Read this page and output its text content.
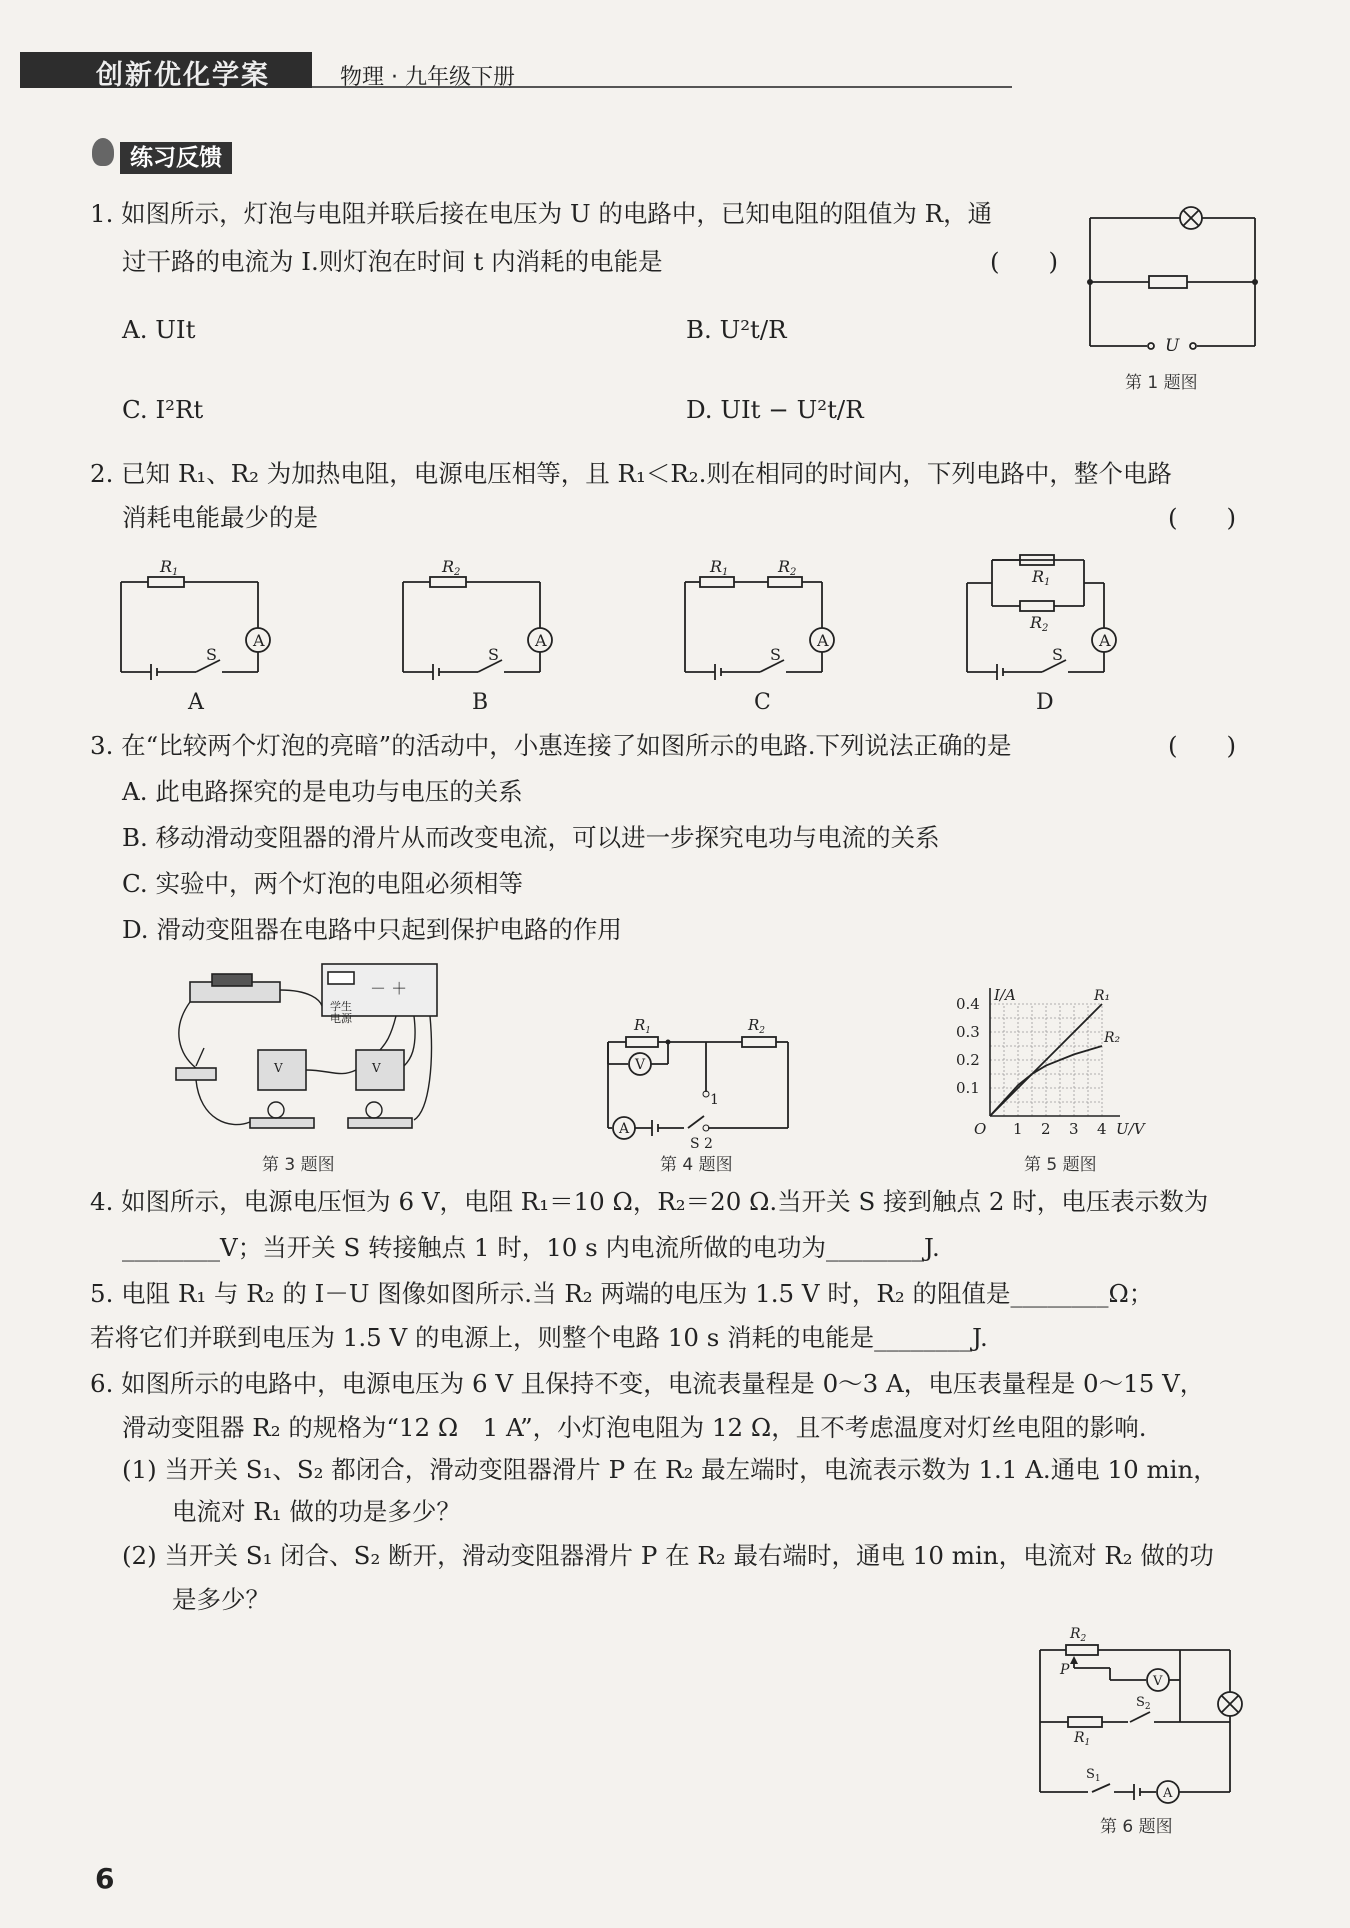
创新优化学案	物理 · 九年级下册
练习反馈
1. 如图所示，灯泡与电阻并联后接在电压为 U 的电路中，已知电阻的阻值为 R，通
过干路的电流为 I.则灯泡在时间 t 内消耗的电能是	(　　)
A. UIt	B. U²t/R
C. I²Rt	D. UIt − U²t/R
U
第 1 题图
2. 已知 R₁、R₂ 为加热电阻，电源电压相等，且 R₁＜R₂.则在相同的时间内，下列电路中，整个电路
消耗电能最少的是	(　　)
A
R1
S
A
R2
S
A
R1	R2
S
A
R1
R2
S
A	B	C	D
3. 在“比较两个灯泡的亮暗”的活动中，小惠连接了如图所示的电路.下列说法正确的是	(　　)
A. 此电路探究的是电功与电压的关系
B. 移动滑动变阻器的滑片从而改变电流，可以进一步探究电功与电流的关系
C. 实验中，两个灯泡的电阻必须相等
D. 滑动变阻器在电路中只起到保护电路的作用
学生
电源
－ ＋
V	V
第 3 题图
V
A
$R_1$	$R_2$
1
S 2
第 4 题图
I/A
U/V
O 1 2 3 4
0.1
0.2
0.3
0.4	R₁
R₂
第 5 题图
4. 如图所示，电源电压恒为 6 V，电阻 R₁＝10 Ω，R₂＝20 Ω.当开关 S 接到触点 2 时，电压表示数为
________V；当开关 S 转接触点 1 时，10 s 内电流所做的电功为________J.
5. 电阻 R₁ 与 R₂ 的 I－U 图像如图所示.当 R₂ 两端的电压为 1.5 V 时，R₂ 的阻值是________Ω；
若将它们并联到电压为 1.5 V 的电源上，则整个电路 10 s 消耗的电能是________J.
6. 如图所示的电路中，电源电压为 6 V 且保持不变，电流表量程是 0～3 A，电压表量程是 0～15 V，
滑动变阻器 R₂ 的规格为“12 Ω　1 A”，小灯泡电阻为 12 Ω，且不考虑温度对灯丝电阻的影响.
(1) 当开关 S₁、S₂ 都闭合，滑动变阻器滑片 P 在 R₂ 最左端时，电流表示数为 1.1 A.通电 10 min，
电流对 R₁ 做的功是多少？
(2) 当开关 S₁ 闭合、S₂ 断开，滑动变阻器滑片 P 在 R₂ 最右端时，通电 10 min，电流对 R₂ 做的功
是多少？
$R_2$
P
V
A
$R_1$
$S_2$
$S_1$
第 6 题图
6
